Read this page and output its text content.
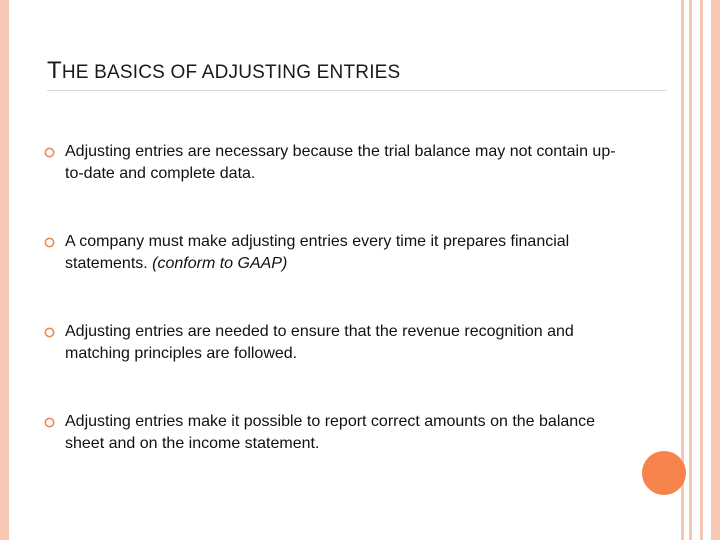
THE BASICS OF ADJUSTING ENTRIES
Adjusting entries are necessary because the trial balance may not contain up-to-date and complete data.
A company must make adjusting entries every time it prepares financial statements. (conform to GAAP)
Adjusting entries are needed to ensure that the revenue recognition and matching principles are followed.
Adjusting entries make it possible to report correct amounts on the balance sheet and on the income statement.
